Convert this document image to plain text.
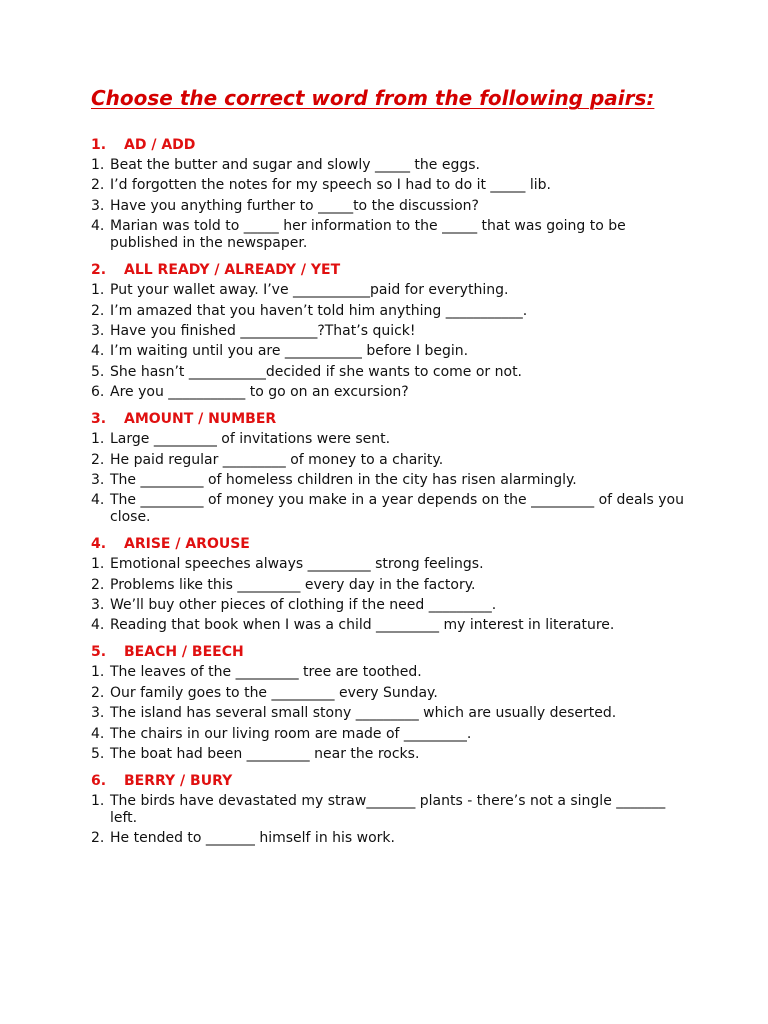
Choose the correct word from the following pairs:
1.	AD / ADD
1. Beat the butter and sugar and slowly _____ the eggs.
2. I’d forgotten the notes for my speech so I had to do it _____ lib.
3. Have you anything further to _____to the discussion?
4. Marian was told to _____ her information to the _____ that was going to be published in the newspaper.
2.	ALL READY / ALREADY / YET
1. Put your wallet away. I’ve ___________paid for everything.
2. I’m amazed that you haven’t told him anything ___________.
3. Have you finished ___________?That’s quick!
4. I’m waiting until you are ___________ before I begin.
5. She hasn’t ___________decided if she wants to come or not.
6. Are you ___________ to go on an excursion?
3.	AMOUNT / NUMBER
1. Large _________ of invitations were sent.
2. He paid regular _________ of money to a charity.
3. The _________ of homeless children in the city has risen alarmingly.
4. The _________ of money you make in a year depends on the _________ of deals you close.
4.	ARISE / AROUSE
1. Emotional speeches always _________ strong feelings.
2. Problems like this _________ every day in the factory.
3. We’ll buy other pieces of clothing if the need _________.
4. Reading that book when I was a child _________ my interest in literature.
5.	BEACH / BEECH
1. The leaves of the _________ tree are toothed.
2. Our family goes to the _________ every Sunday.
3. The island has several small stony _________ which are usually deserted.
4. The chairs in our living room are made of _________.
5. The boat had been _________ near the rocks.
6.	BERRY / BURY
1. The birds have devastated my straw_______ plants - there’s not a single _______ left.
2. He tended to _______ himself in his work.
